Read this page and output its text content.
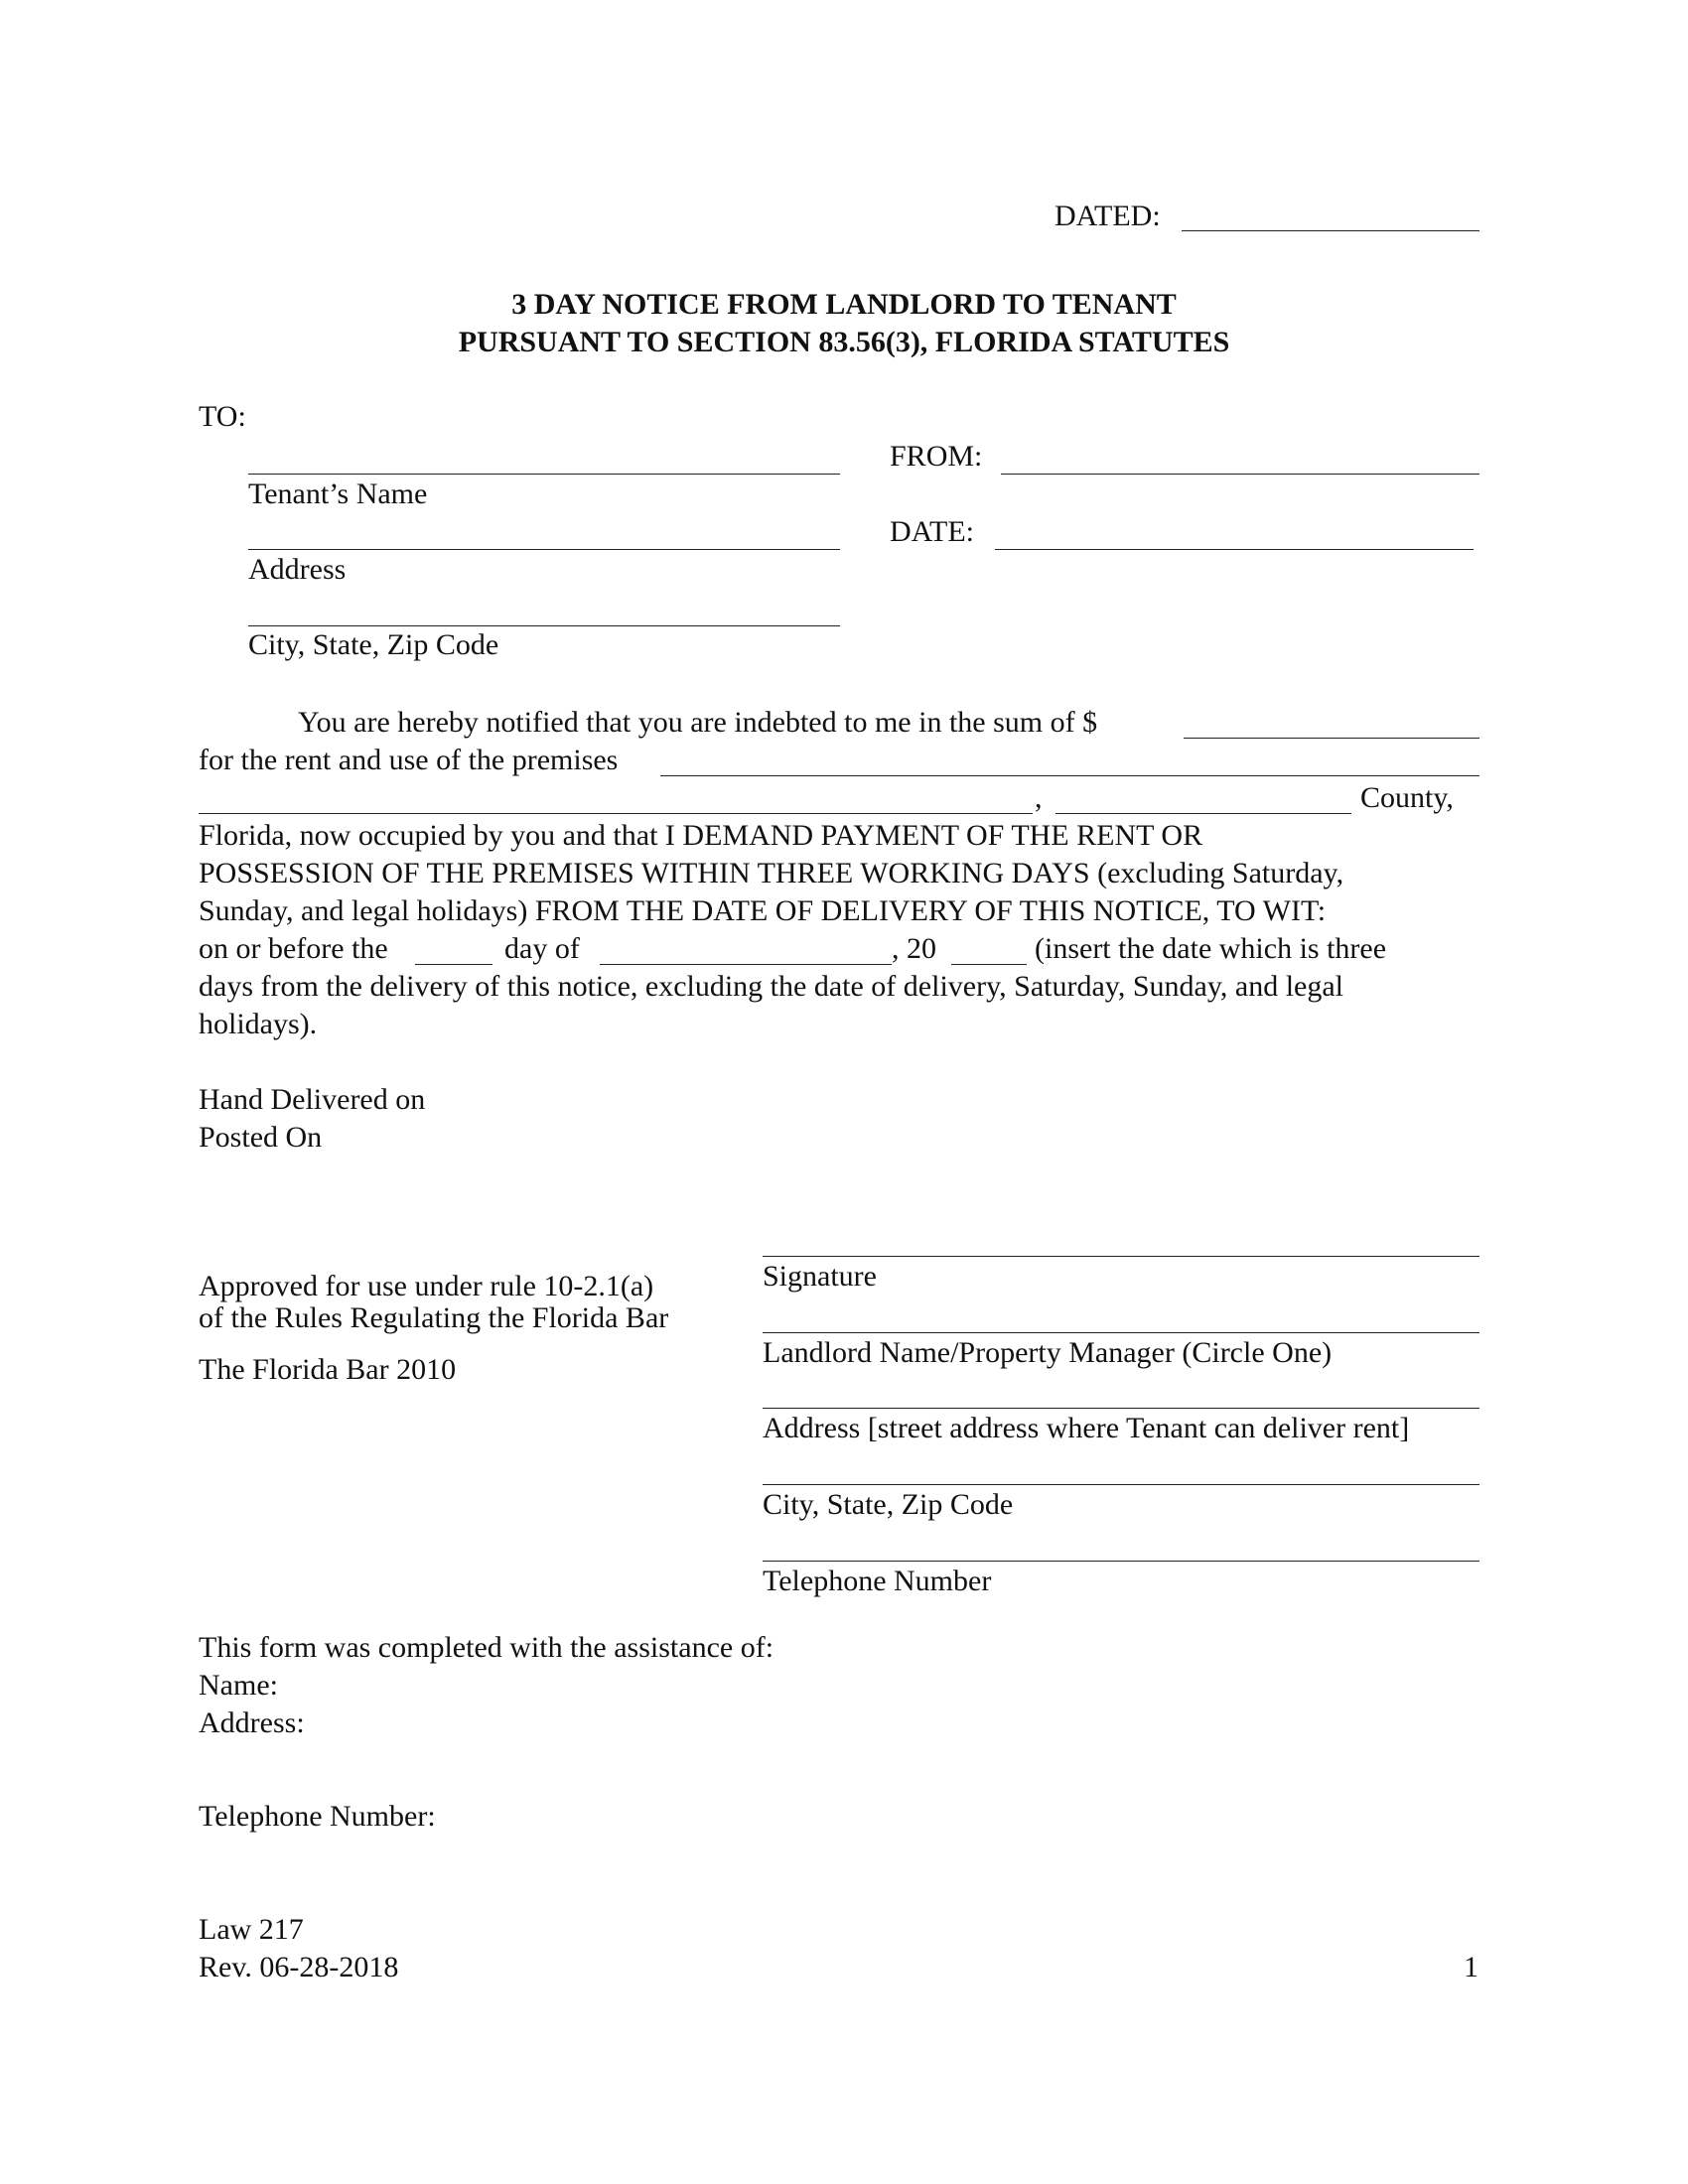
DATED:
3 DAY NOTICE FROM LANDLORD TO TENANT
PURSUANT TO SECTION 83.56(3), FLORIDA STATUTES
TO:
Tenant’s Name
Address
City, State, Zip Code
FROM:
DATE:
You are hereby notified that you are indebted to me in the sum of $
for the rent and use of the premises
,	County,
Florida, now occupied by you and that I DEMAND PAYMENT OF THE RENT OR
POSSESSION OF THE PREMISES WITHIN THREE WORKING DAYS (excluding Saturday,
Sunday, and legal holidays) FROM THE DATE OF DELIVERY OF THIS NOTICE, TO WIT:
on or before the	day of	, 20	(insert the date which is three
days from the delivery of this notice, excluding the date of delivery, Saturday, Sunday, and legal
holidays).
Hand Delivered on
Posted On
Approved for use under rule 10-2.1(a)
of the Rules Regulating the Florida Bar
The Florida Bar 2010
Signature
Landlord Name/Property Manager (Circle One)
Address [street address where Tenant can deliver rent]
City, State, Zip Code
Telephone Number
This form was completed with the assistance of:
Name:
Address:
Telephone Number:
Law 217
Rev. 06-28-2018	1
